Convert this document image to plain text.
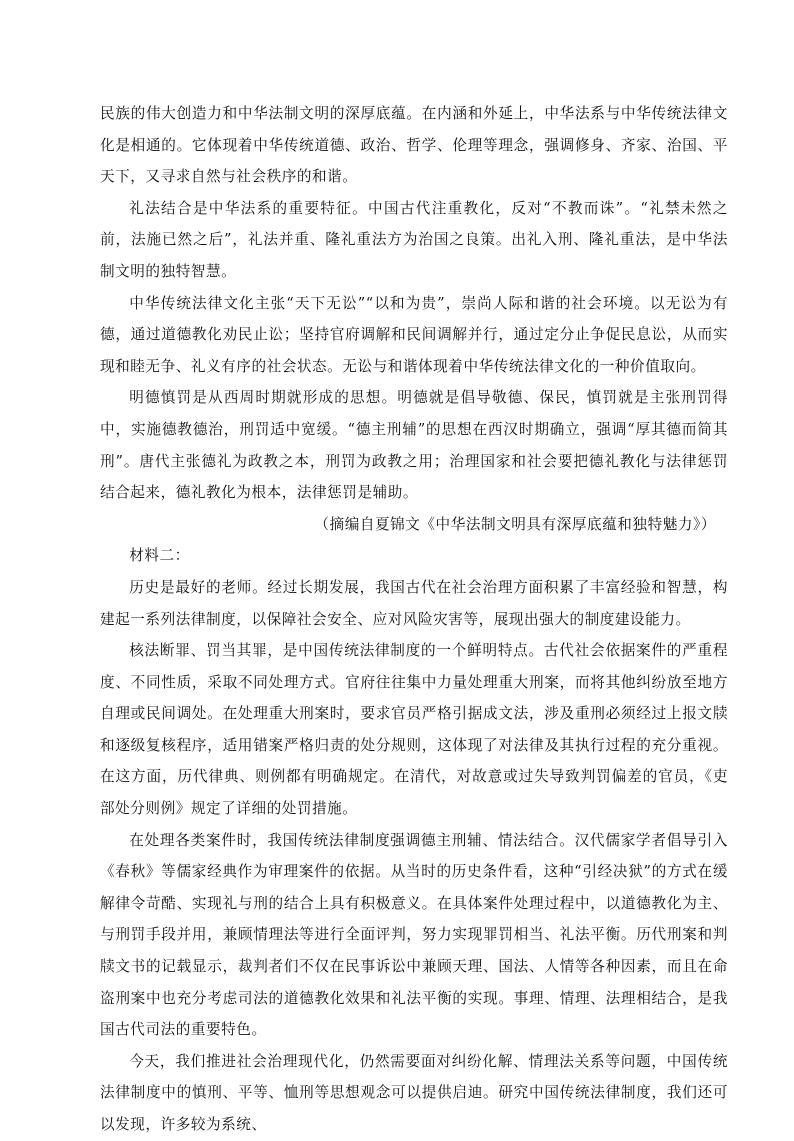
民族的伟大创造力和中华法制文明的深厚底蕴。在内涵和外延上，中华法系与中华传统法律文化是相通的。它体现着中华传统道德、政治、哲学、伦理等理念，强调修身、齐家、治国、平天下，又寻求自然与社会秩序的和谐。

礼法结合是中华法系的重要特征。中国古代注重教化，反对“不教而诛”。“礼禁未然之前，法施已然之后”，礼法并重、隆礼重法方为治国之良策。出礼入刑、隆礼重法，是中华法制文明的独特智慧。

中华传统法律文化主张“天下无讼”“以和为贵”，崇尚人际和谐的社会环境。以无讼为有德，通过道德教化劝民止讼；坚持官府调解和民间调解并行，通过定分止争促民息讼，从而实现和睦无争、礼义有序的社会状态。无讼与和谐体现着中华传统法律文化的一种价值取向。

明德慎罚是从西周时期就形成的思想。明德就是倡导敬德、保民，慎罚就是主张刑罚得中，实施德教德治，刑罚适中宽缓。“德主刑辅”的思想在西汉时期确立，强调“厚其德而简其刑”。唐代主张德礼为政教之本，刑罚为政教之用；治理国家和社会要把德礼教化与法律惩罚结合起来，德礼教化为根本，法律惩罚是辅助。

（摘编自夏锦文《中华法制文明具有深厚底蕴和独特魅力》）

材料二：

历史是最好的老师。经过长期发展，我国古代在社会治理方面积累了丰富经验和智慧，构建起一系列法律制度，以保障社会安全、应对风险灾害等，展现出强大的制度建设能力。

核法断罪、罚当其罪，是中国传统法律制度的一个鲜明特点。古代社会依据案件的严重程度、不同性质，采取不同处理方式。官府往往集中力量处理重大刑案，而将其他纠纷放至地方自理或民间调处。在处理重大刑案时，要求官员严格引据成文法，涉及重刑必须经过上报文牍和逐级复核程序，适用错案严格归责的处分规则，这体现了对法律及其执行过程的充分重视。在这方面，历代律典、则例都有明确规定。在清代，对故意或过失导致判罚偏差的官员，《吏部处分则例》规定了详细的处罚措施。

在处理各类案件时，我国传统法律制度强调德主刑辅、情法结合。汉代儒家学者倡导引入《春秋》等儒家经典作为审理案件的依据。从当时的历史条件看，这种“引经决狱”的方式在缓解律令苛酷、实现礼与刑的结合上具有积极意义。在具体案件处理过程中，以道德教化为主、与刑罚手段并用，兼顾情理法等进行全面评判，努力实现罪罚相当、礼法平衡。历代刑案和判牍文书的记载显示，裁判者们不仅在民事诉讼中兼顾天理、国法、人情等各种因素，而且在命盗刑案中也充分考虑司法的道德教化效果和礼法平衡的实现。事理、情理、法理相结合，是我国古代司法的重要特色。

今天，我们推进社会治理现代化，仍然需要面对纠纷化解、情理法关系等问题，中国传统法律制度中的慎刑、平等、恤刑等思想观念可以提供启迪。研究中国传统法律制度，我们还可以发现，许多较为系统、
